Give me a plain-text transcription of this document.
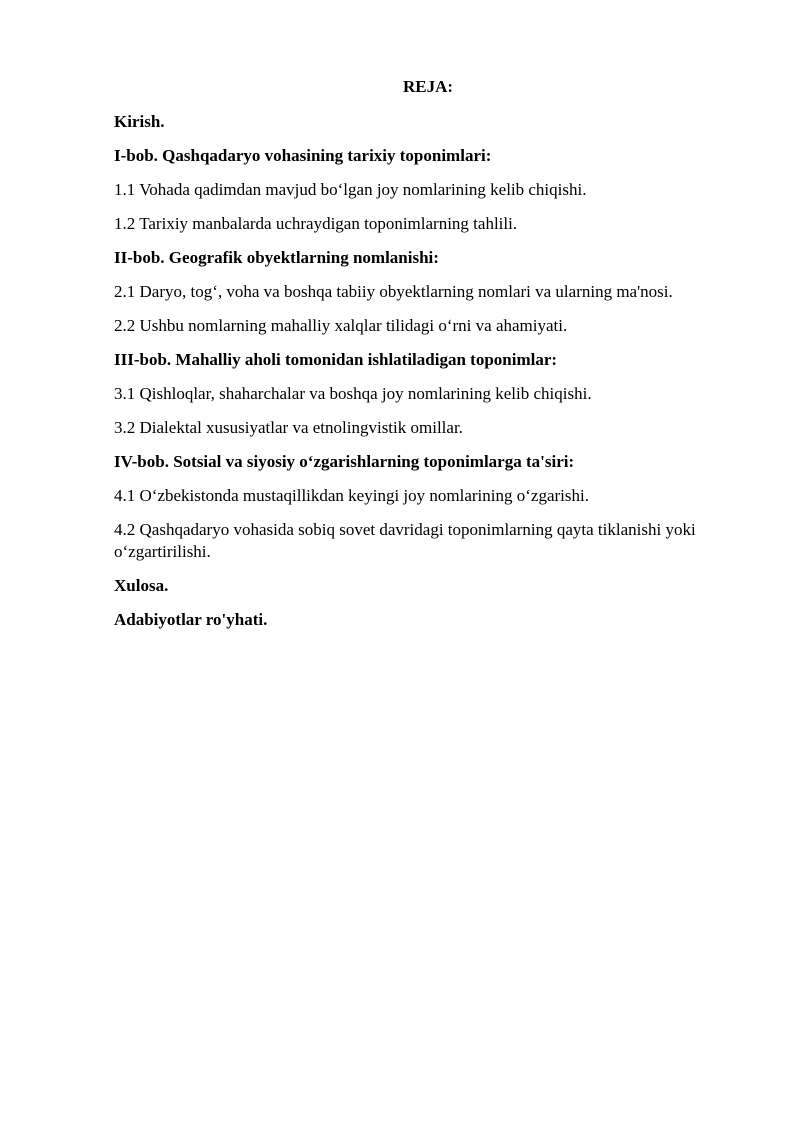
REJA:

Kirish.

I-bob. Qashqadaryo vohasining tarixiy toponimlari:

1.1 Vohada qadimdan mavjud bo‘lgan joy nomlarining kelib chiqishi.

1.2 Tarixiy manbalarda uchraydigan toponimlarning tahlili.

II-bob. Geografik obyektlarning nomlanishi:

2.1 Daryo, tog‘, voha va boshqa tabiiy obyektlarning nomlari va ularning ma'nosi.

2.2 Ushbu nomlarning mahalliy xalqlar tilidagi o‘rni va ahamiyati.

III-bob. Mahalliy aholi tomonidan ishlatiladigan toponimlar:

3.1 Qishloqlar, shaharchalar va boshqa joy nomlarining kelib chiqishi.

3.2 Dialektal xususiyatlar va etnolingvistik omillar.

IV-bob. Sotsial va siyosiy o‘zgarishlarning toponimlarga ta'siri:

4.1 O‘zbekistonda mustaqillikdan keyingi joy nomlarining o‘zgarishi.

4.2 Qashqadaryo vohasida sobiq sovet davridagi toponimlarning qayta tiklanishi yoki o‘zgartirilishi.

Xulosa.

Adabiyotlar ro'yhati.
